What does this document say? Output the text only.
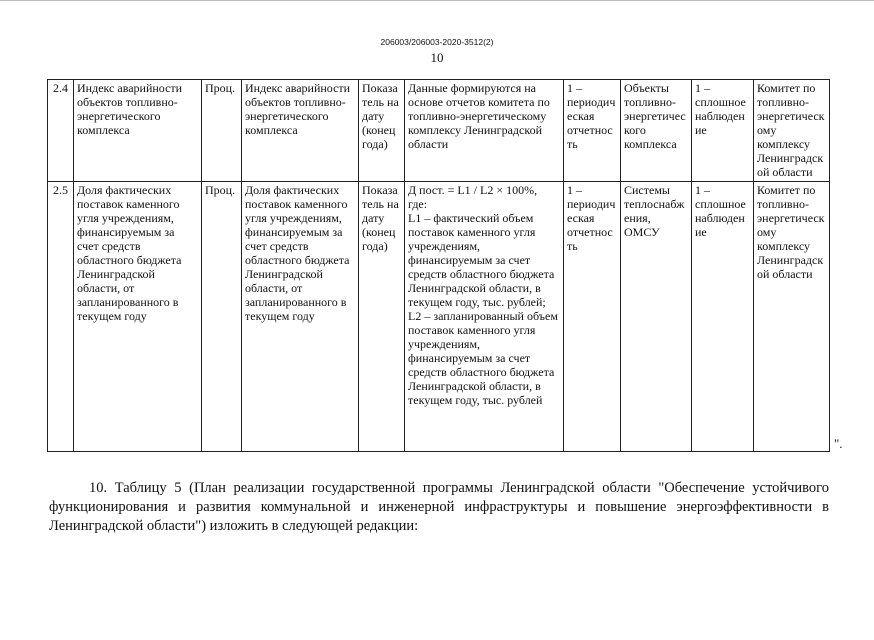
206003/206003-2020-3512(2)
10
2.4	Индекс аварийности объектов топливно-энергетического комплекса	Проц.	Индекс аварийности объектов топливно-энергетического комплекса	Показатель на дату (конец года)	Данные формируются на основе отчетов комитета по топливно-энергетическому комплексу Ленинградской области	1 – периодическая отчетность	Объекты топливно-энергетического комплекса	1 – сплошное наблюдение	Комитет по топливно-энергетическому комплексу Ленинградской области
2.5	Доля фактических поставок каменного угля учреждениям, финансируемым за счет средств областного бюджета Ленинградской области, от запланированного в текущем году	Проц.	Доля фактических поставок каменного угля учреждениям, финансируемым за счет средств областного бюджета Ленинградской области, от запланированного в текущем году	Показатель на дату (конец года)	Д пост. = L1 / L2 × 100%,
где:
L1 – фактический объем поставок каменного угля учреждениям, финансируемым за счет средств областного бюджета Ленинградской области, в текущем году, тыс. рублей;
L2 – запланированный объем поставок каменного угля учреждениям, финансируемым за счет средств областного бюджета Ленинградской области, в текущем году, тыс. рублей	1 – периодическая отчетность	Системы теплоснабжения, ОМСУ	1 – сплошное наблюдение	Комитет по топливно-энергетическому комплексу Ленинградской области
".

10. Таблицу 5 (План реализации государственной программы Ленинградской области "Обеспечение устойчивого функционирования и развития коммунальной и инженерной инфраструктуры и повышение энергоэффективности в Ленинградской области") изложить в следующей редакции:
